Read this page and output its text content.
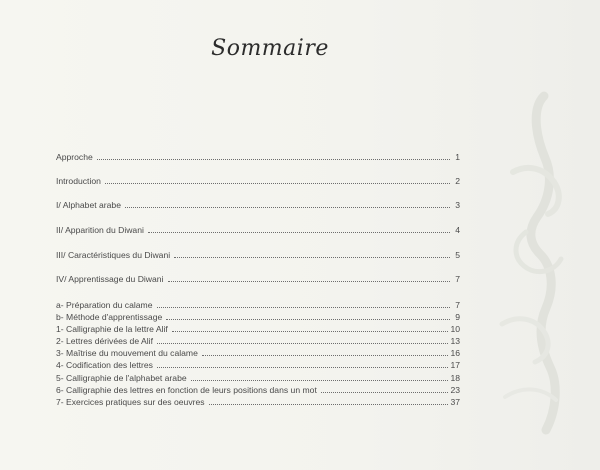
Sommaire
Approche	1
Introduction	2
I/ Alphabet arabe	3
II/ Apparition du Diwani	4
III/ Caractéristiques du Diwani	5
IV/ Apprentissage du Diwani	7
a- Préparation du calame	7
b- Méthode d'apprentissage	9
1- Calligraphie de la lettre Alif	10
2- Lettres dérivées de Alif	13
3- Maîtrise du mouvement du calame	16
4- Codification des lettres	17
5- Calligraphie de l'alphabet arabe	18
6- Calligraphie des lettres en fonction de leurs positions dans un mot	23
7- Exercices pratiques sur des oeuvres	37
